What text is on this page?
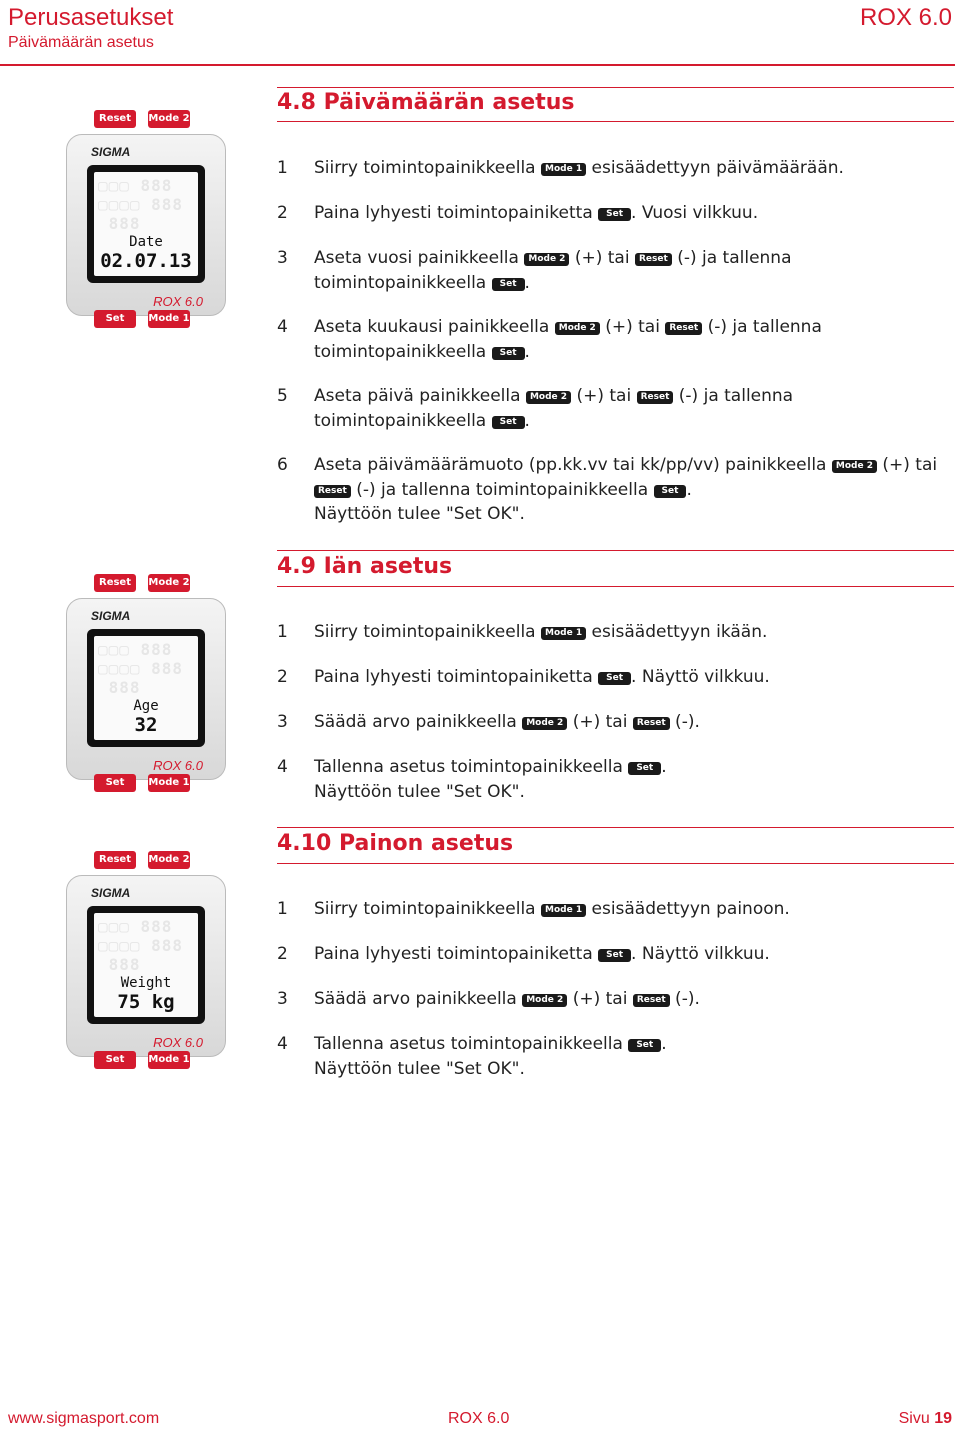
Perusasetukset
Päivämäärän asetus
ROX 6.0
4.8 Päivämäärän asetus
1 Siirry toimintopainikkeella Mode 1 esisäädettyyn päivämäärään.
2 Paina lyhyesti toimintopainiketta Set . Vuosi vilkkuu.
3 Aseta vuosi painikkeella Mode 2 (+) tai Reset (-) ja tallenna toimintopainikkeella Set .
4 Aseta kuukausi painikkeella Mode 2 (+) tai Reset (-) ja tallenna toimintopainikkeella Set .
5 Aseta päivä painikkeella Mode 2 (+) tai Reset (-) ja tallenna toimintopainikkeella Set .
6 Aseta päivämäärämuoto (pp.kk.vv tai kk/pp/vv) painikkeella Mode 2 (+) tai Reset (-) ja tallenna toimintopainikkeella Set .
Näyttöön tulee "Set OK".
4.9 Iän asetus
1 Siirry toimintopainikkeella Mode 1 esisäädettyyn ikään.
2 Paina lyhyesti toimintopainiketta Set . Näyttö vilkkuu.
3 Säädä arvo painikkeella Mode 2 (+) tai Reset (-).
4 Tallenna asetus toimintopainikkeella Set .
Näyttöön tulee "Set OK".
4.10 Painon asetus
1 Siirry toimintopainikkeella Mode 1 esisäädettyyn painoon.
2 Paina lyhyesti toimintopainiketta Set . Näyttö vilkkuu.
3 Säädä arvo painikkeella Mode 2 (+) tai Reset (-).
4 Tallenna asetus toimintopainikkeella Set .
Näyttöön tulee "Set OK".
Reset	Mode 2
SIGMA
▢▢▢ 888
▢▢▢▢ 888
888
Date
02.07.13
ROX 6.0
Set	Mode 1
Reset	Mode 2
SIGMA
▢▢▢ 888
▢▢▢▢ 888
888
Age
32
ROX 6.0
Set	Mode 1
Reset	Mode 2
SIGMA
▢▢▢ 888
▢▢▢▢ 888
888
Weight
75 kg
ROX 6.0
Set	Mode 1
www.sigmasport.com	ROX 6.0	Sivu 19
